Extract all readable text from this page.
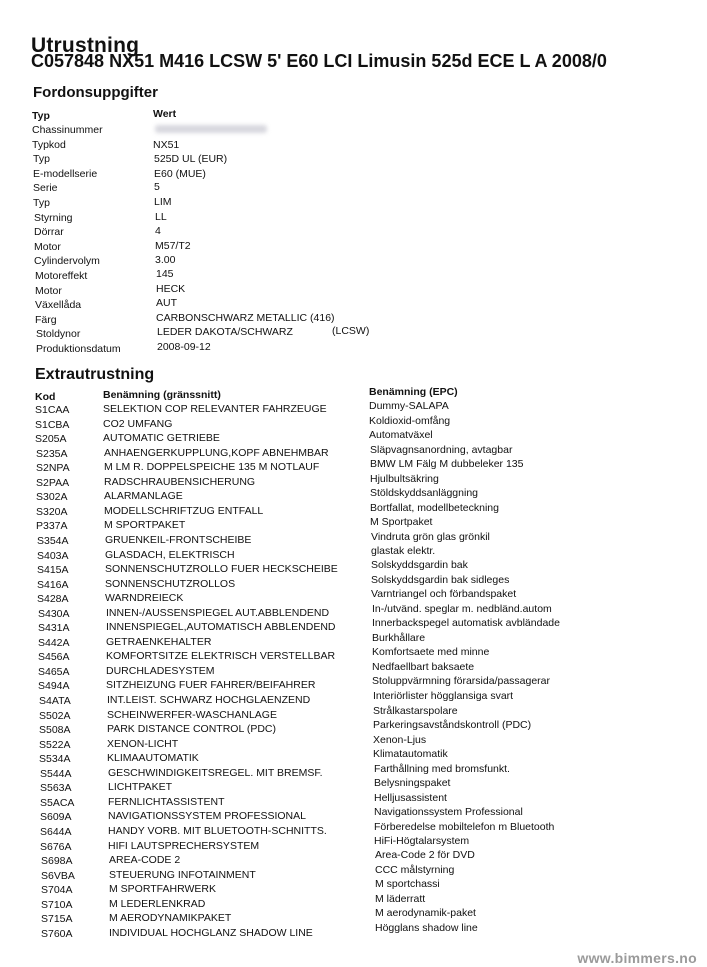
Utrustning
C057848 NX51 M416 LCSW 5' E60 LCI Limusin 525d ECE L A 2008/0
Fordonsuppgifter
Typ	Wert
Chassinummer
Typkod	NX51
Typ	525D UL (EUR)
E-modellserie	E60 (MUE)
Serie	5
Typ	LIM
Styrning	LL
Dörrar	4
Motor	M57/T2
Cylindervolym	3.00
Motoreffekt	145
Motor	HECK
Växellåda	AUT
Färg	CARBONSCHWARZ METALLIC (416)
Stoldynor	LEDER DAKOTA/SCHWARZ	(LCSW)
Produktionsdatum	2008-09-12
Extrautrustning
Kod	Benämning (gränssnitt)	Benämning (EPC)
S1CAA	SELEKTION COP RELEVANTER FAHRZEUGE	Dummy-SALAPA
S1CBA	CO2 UMFANG	Koldioxid-omfång
S205A	AUTOMATIC GETRIEBE	Automatväxel
S235A	ANHAENGERKUPPLUNG,KOPF ABNEHMBAR	Släpvagnsanordning, avtagbar
S2NPA	M LM R. DOPPELSPEICHE 135 M NOTLAUF	BMW LM Fälg M dubbeleker 135
S2PAA	RADSCHRAUBENSICHERUNG	Hjulbultsäkring
S302A	ALARMANLAGE	Stöldskyddsanläggning
S320A	MODELLSCHRIFTZUG ENTFALL	Bortfallat, modellbeteckning
P337A	M SPORTPAKET	M Sportpaket
S354A	GRUENKEIL-FRONTSCHEIBE	Vindruta grön glas grönkil
S403A	GLASDACH, ELEKTRISCH	glastak elektr.
S415A	SONNENSCHUTZROLLO FUER HECKSCHEIBE	Solskyddsgardin bak
S416A	SONNENSCHUTZROLLOS	Solskyddsgardin bak sidleges
S428A	WARNDREIECK	Varntriangel och förbandspaket
S430A	INNEN-/AUSSENSPIEGEL AUT.ABBLENDEND	In-/utvänd. speglar m. nedbländ.autom
S431A	INNENSPIEGEL,AUTOMATISCH ABBLENDEND	Innerbackspegel automatisk avbländade
S442A	GETRAENKEHALTER	Burkhållare
S456A	KOMFORTSITZE ELEKTRISCH VERSTELLBAR	Komfortsaete med minne
S465A	DURCHLADESYSTEM	Nedfaellbart baksaete
S494A	SITZHEIZUNG FUER FAHRER/BEIFAHRER	Stoluppvärmning förarsida/passagerar
S4ATA	INT.LEIST. SCHWARZ HOCHGLAENZEND	Interiörlister högglansiga svart
S502A	SCHEINWERFER-WASCHANLAGE	Strålkastarspolare
S508A	PARK DISTANCE CONTROL (PDC)	Parkeringsavståndskontroll (PDC)
S522A	XENON-LICHT	Xenon-Ljus
S534A	KLIMAAUTOMATIK	Klimatautomatik
S544A	GESCHWINDIGKEITSREGEL. MIT BREMSF.	Farthållning med bromsfunkt.
S563A	LICHTPAKET	Belysningspaket
S5ACA	FERNLICHTASSISTENT	Helljusassistent
S609A	NAVIGATIONSSYSTEM PROFESSIONAL	Navigationssystem Professional
S644A	HANDY VORB. MIT BLUETOOTH-SCHNITTS.	Förberedelse mobiltelefon m Bluetooth
S676A	HIFI LAUTSPRECHERSYSTEM	HiFi-Högtalarsystem
S698A	AREA-CODE 2	Area-Code 2 för DVD
S6VBA	STEUERUNG INFOTAINMENT	CCC målstyrning
S704A	M SPORTFAHRWERK	M sportchassi
S710A	M LEDERLENKRAD	M läderratt
S715A	M AERODYNAMIKPAKET	M aerodynamik-paket
S760A	INDIVIDUAL HOCHGLANZ SHADOW LINE	Högglans shadow line
www.bimmers.no
